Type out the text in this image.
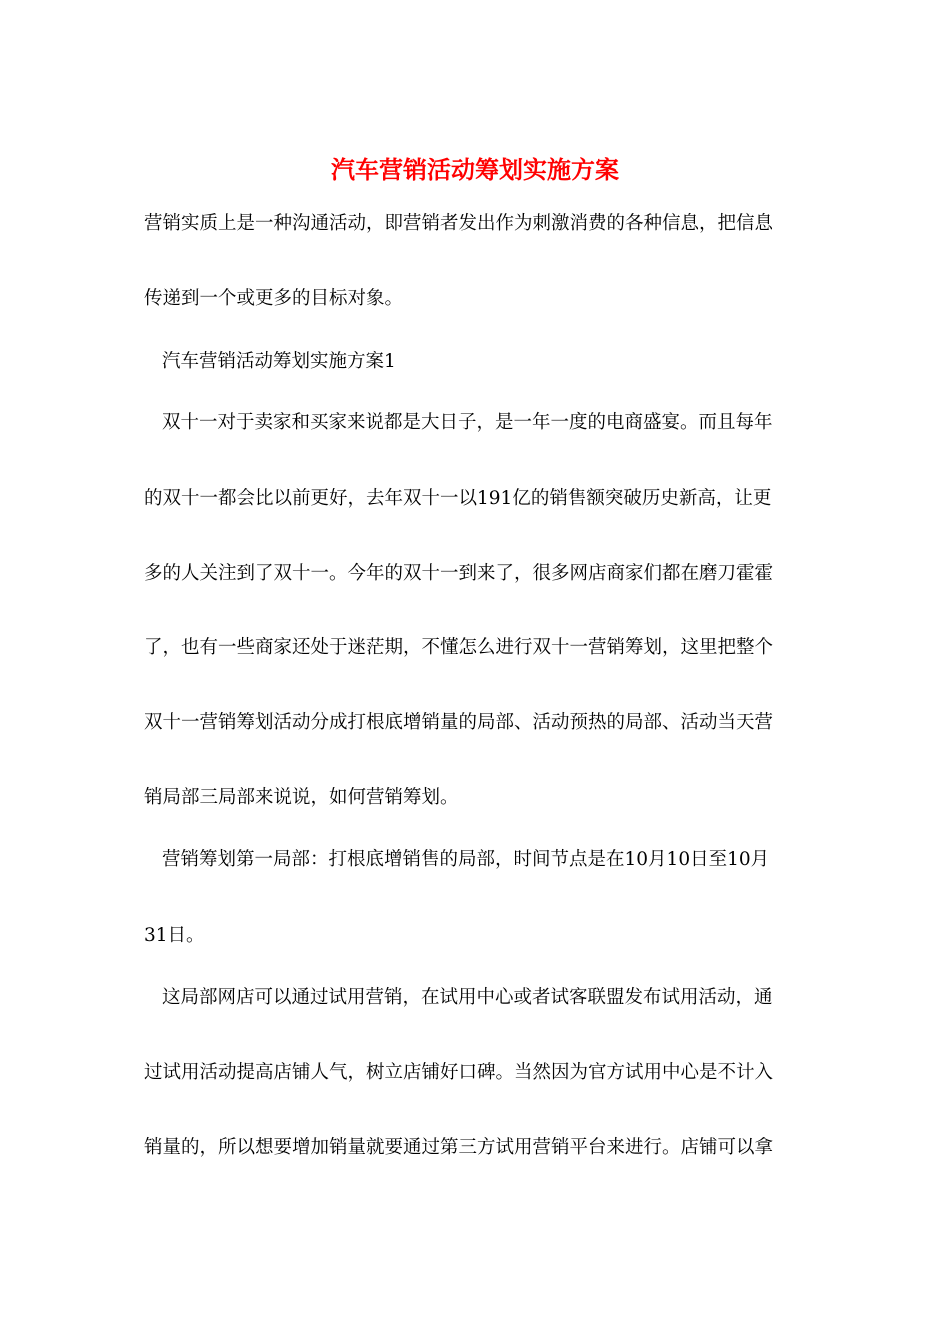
汽车营销活动筹划实施方案

营销实质上是一种沟通活动，即营销者发出作为刺激消费的各种信息，把信息

传递到一个或更多的目标对象。

汽车营销活动筹划实施方案1

双十一对于卖家和买家来说都是大日子，是一年一度的电商盛宴。而且每年

的双十一都会比以前更好，去年双十一以191亿的销售额突破历史新高，让更

多的人关注到了双十一。今年的双十一到来了，很多网店商家们都在磨刀霍霍

了，也有一些商家还处于迷茫期，不懂怎么进行双十一营销筹划，这里把整个

双十一营销筹划活动分成打根底增销量的局部、活动预热的局部、活动当天营

销局部三局部来说说，如何营销筹划。

营销筹划第一局部：打根底增销售的局部，时间节点是在10月10日至10月

31日。

这局部网店可以通过试用营销，在试用中心或者试客联盟发布试用活动，通

过试用活动提高店铺人气，树立店铺好口碑。当然因为官方试用中心是不计入

销量的，所以想要增加销量就要通过第三方试用营销平台来进行。店铺可以拿
